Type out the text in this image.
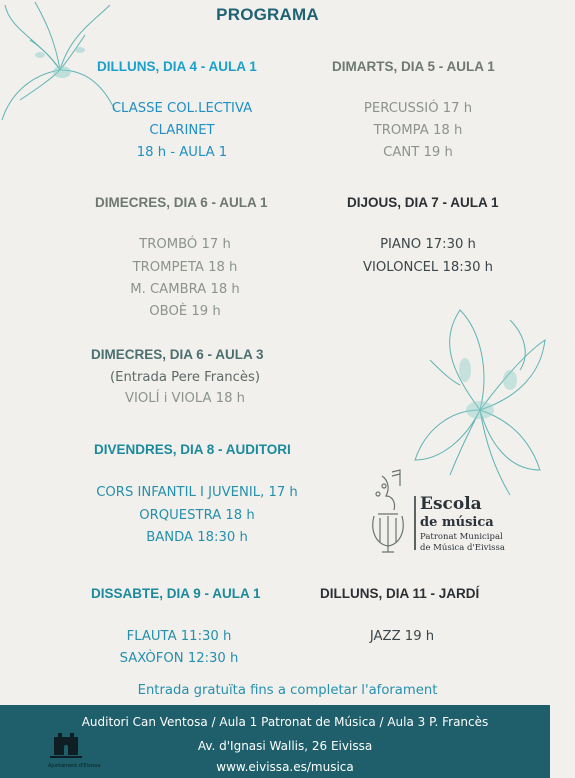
PROGRAMA
DILLUNS, DIA 4 - AULA 1
CLASSE COL.LECTIVA
CLARINET
18 h - AULA 1
DIMARTS, DIA 5 - AULA 1
PERCUSSIÓ 17 h
TROMPA 18 h
CANT 19 h
DIMECRES, DIA 6 - AULA 1
TROMBÓ 17 h
TROMPETA 18 h
M. CAMBRA 18 h
OBOÈ 19 h
DIJOUS, DIA 7 - AULA 1
PIANO 17:30 h
VIOLONCEL 18:30 h
DIMECRES, DIA 6 - AULA 3
(Entrada Pere Francès)
VIOLÍ i VIOLA 18 h
DIVENDRES, DIA 8 - AUDITORI
CORS INFANTIL I JUVENIL, 17 h
ORQUESTRA 18 h
BANDA 18:30 h
Escola
de música
Patronat Municipal
de Música d'Eivissa
DISSABTE, DIA 9 - AULA 1
FLAUTA 11:30 h
SAXÒFON 12:30 h
DILLUNS, DIA 11 - JARDÍ
JAZZ 19 h
Entrada gratuïta fins a completar l'aforament
Ajuntament d'Eivissa
Auditori Can Ventosa / Aula 1 Patronat de Música / Aula 3 P. Francès
Av. d'Ignasi Wallis, 26 Eivissa
www.eivissa.es/musica
